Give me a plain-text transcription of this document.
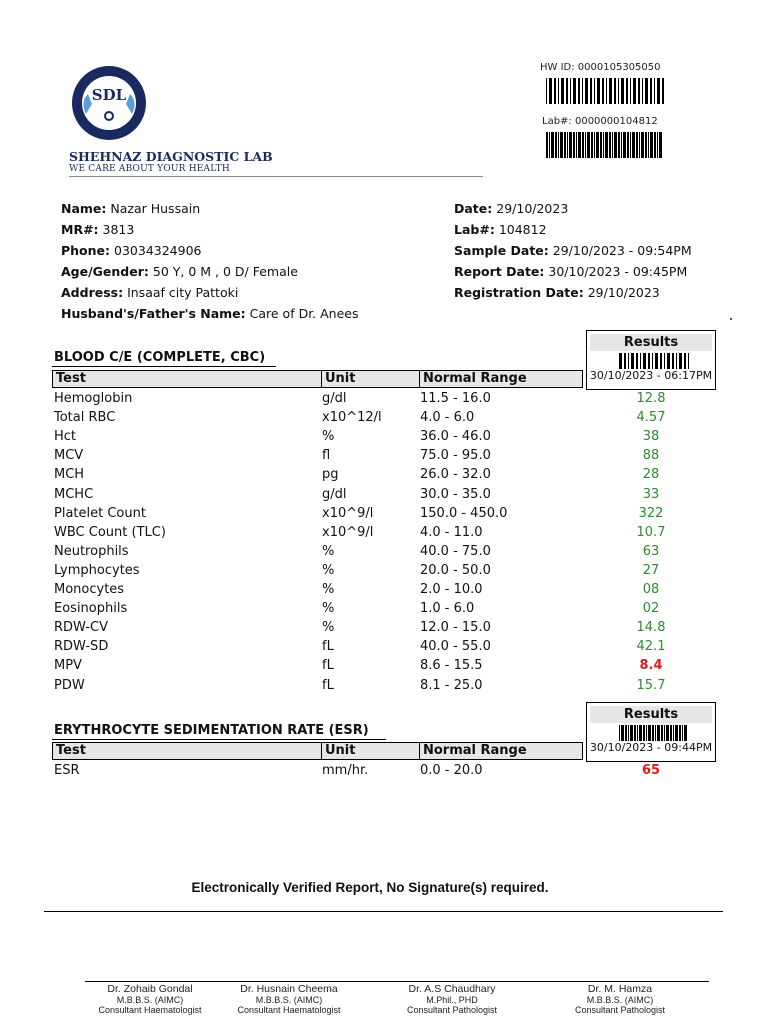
SDL
SHEHNAZ DIAGNOSTIC LAB
WE CARE ABOUT YOUR HEALTH
HW ID: 0000105305050
Lab#: 0000000104812
Name: Nazar Hussain
MR#: 3813
Phone: 03034324906
Age/Gender: 50 Y, 0 M , 0 D/ Female
Address: Insaaf city Pattoki
Husband's/Father's Name: Care of Dr. Anees
Date: 29/10/2023
Lab#: 104812
Sample Date: 29/10/2023 - 09:54PM
Report Date: 30/10/2023 - 09:45PM
Registration Date: 29/10/2023
BLOOD C/E (COMPLETE, CBC)
Results
30/10/2023 - 06:17PM
Test	Unit	Normal Range
Hemoglobin	g/dl	11.5 - 16.0	12.8
Total RBC	x10^12/l	4.0 - 6.0	4.57
Hct	%	36.0 - 46.0	38
MCV	fl	75.0 - 95.0	88
MCH	pg	26.0 - 32.0	28
MCHC	g/dl	30.0 - 35.0	33
Platelet Count	x10^9/l	150.0 - 450.0	322
WBC Count (TLC)	x10^9/l	4.0 - 11.0	10.7
Neutrophils	%	40.0 - 75.0	63
Lymphocytes	%	20.0 - 50.0	27
Monocytes	%	2.0 - 10.0	08
Eosinophils	%	1.0 - 6.0	02
RDW-CV	%	12.0 - 15.0	14.8
RDW-SD	fL	40.0 - 55.0	42.1
MPV	fL	8.6 - 15.5	8.4
PDW	fL	8.1 - 25.0	15.7
ERYTHROCYTE SEDIMENTATION RATE (ESR)
Results
30/10/2023 - 09:44PM
Test	Unit	Normal Range
ESR	mm/hr.	0.0 - 20.0	65
Electronically Verified Report, No Signature(s) required.
Dr. Zohaib Gondal
M.B.B.S. (AIMC)
Consultant Haematologist
Dr. Husnain Cheema
M.B.B.S. (AIMC)
Consultant Haematologist
Dr. A.S Chaudhary
M.Phil., PHD
Consultant Pathologist
Dr. M. Hamza
M.B.B.S. (AIMC)
Consultant Pathologist
